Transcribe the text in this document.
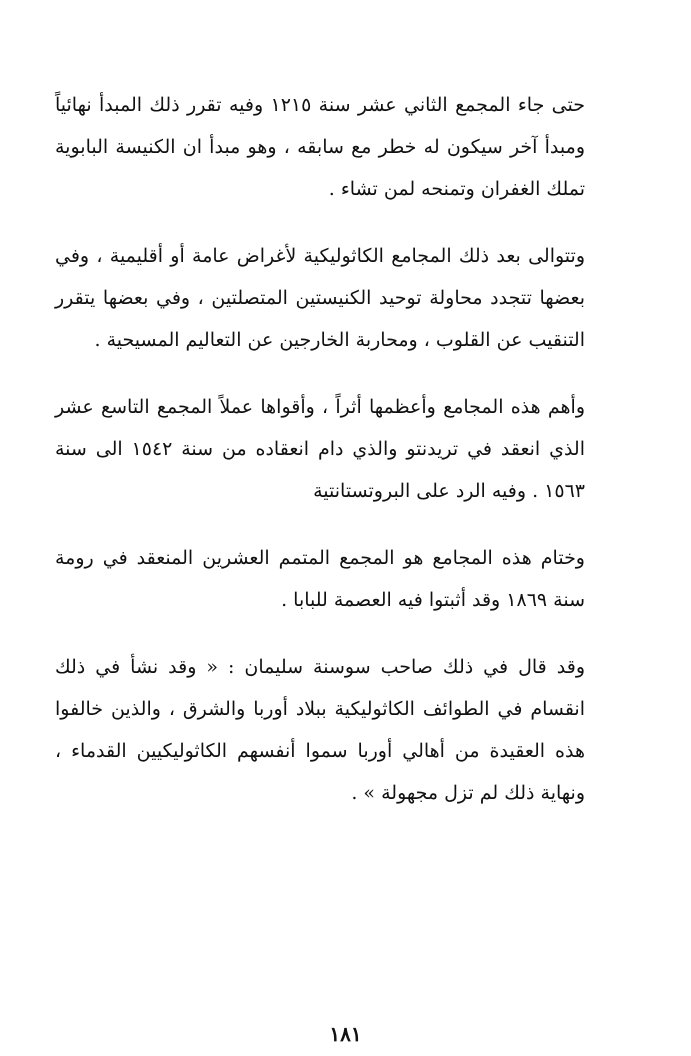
حتى جاء المجمع الثاني عشر سنة ١٢١٥ وفيه تقرر ذلك المبدأ نهائياً ومبدأ آخر سيكون له خطر مع سابقه ، وهو مبدأ ان الكنيسة البابوية تملك الغفران وتمنحه لمن تشاء .

وتتوالى بعد ذلك المجامع الكاثوليكية لأغراض عامة أو أقليمية ، وفي بعضها تتجدد محاولة توحيد الكنيستين المتصلتين ، وفي بعضها يتقرر التنقيب عن القلوب ، ومحاربة الخارجين عن التعاليم المسيحية .

وأهم هذه المجامع وأعظمها أثراً ، وأقواها عملاً المجمع التاسع عشر الذي انعقد في تريدنتو والذي دام انعقاده من سنة ١٥٤٢ الى سنة ١٥٦٣ . وفيه الرد على البروتستانتية

وختام هذه المجامع هو المجمع المتمم العشرين المنعقد في رومة سنة ١٨٦٩ وقد أثبتوا فيه العصمة للبابا .

وقد قال في ذلك صاحب سوسنة سليمان : « وقد نشأ في ذلك انقسام في الطوائف الكاثوليكية ببلاد أوربا والشرق ، والذين خالفوا هذه العقيدة من أهالي أوربا سموا أنفسهم الكاثوليكيين القدماء ، ونهاية ذلك لم تزل مجهولة » .

١٨١
